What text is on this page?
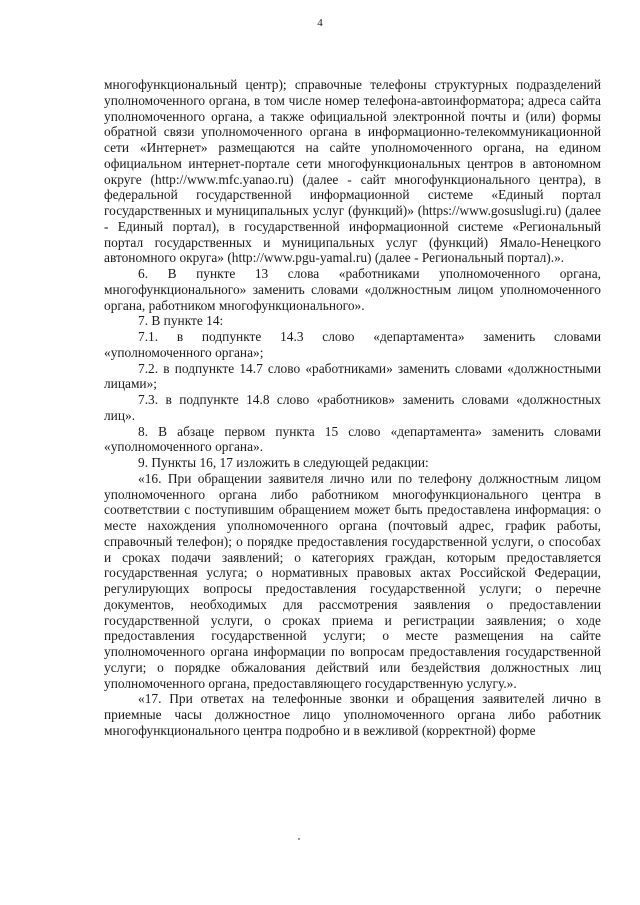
4

многофункциональный центр); справочные телефоны структурных подразделений уполномоченного органа, в том числе номер телефона-автоинформатора; адреса сайта уполномоченного органа, а также официальной электронной почты и (или) формы обратной связи уполномоченного органа в информационно-телекоммуникационной сети «Интернет» размещаются на сайте уполномоченного органа, на едином официальном интернет-портале сети многофункциональных центров в автономном округе (http://www.mfc.yanao.ru) (далее - сайт многофункционального центра), в федеральной государственной информационной системе «Единый портал государственных и муниципальных услуг (функций)» (https://www.gosuslugi.ru) (далее - Единый портал), в государственной информационной системе «Региональный портал государственных и муниципальных услуг (функций) Ямало-Ненецкого автономного округа» (http://www.pgu-yamal.ru) (далее - Региональный портал).».

6. В пункте 13 слова «работниками уполномоченного органа, многофункционального» заменить словами «должностным лицом уполномоченного органа, работником многофункционального».

7. В пункте 14:

7.1. в подпункте 14.3 слово «департамента» заменить словами «уполномоченного органа»;

7.2. в подпункте 14.7 слово «работниками» заменить словами «должностными лицами»;

7.3. в подпункте 14.8 слово «работников» заменить словами «должностных лиц».

8. В абзаце первом пункта 15 слово «департамента» заменить словами «уполномоченного органа».

9. Пункты 16, 17 изложить в следующей редакции:

«16. При обращении заявителя лично или по телефону должностным лицом уполномоченного органа либо работником многофункционального центра в соответствии с поступившим обращением может быть предоставлена информация: о месте нахождения уполномоченного органа (почтовый адрес, график работы, справочный телефон); о порядке предоставления государственной услуги, о способах и сроках подачи заявлений; о категориях граждан, которым предоставляется государственная услуга; о нормативных правовых актах Российской Федерации, регулирующих вопросы предоставления государственной услуги; о перечне документов, необходимых для рассмотрения заявления о предоставлении государственной услуги, о сроках приема и регистрации заявления; о ходе предоставления государственной услуги; о месте размещения на сайте уполномоченного органа информации по вопросам предоставления государственной услуги; о порядке обжалования действий или бездействия должностных лиц уполномоченного органа, предоставляющего государственную услугу.».

«17. При ответах на телефонные звонки и обращения заявителей лично в приемные часы должностное лицо уполномоченного органа либо работник многофункционального центра подробно и в вежливой (корректной) форме
